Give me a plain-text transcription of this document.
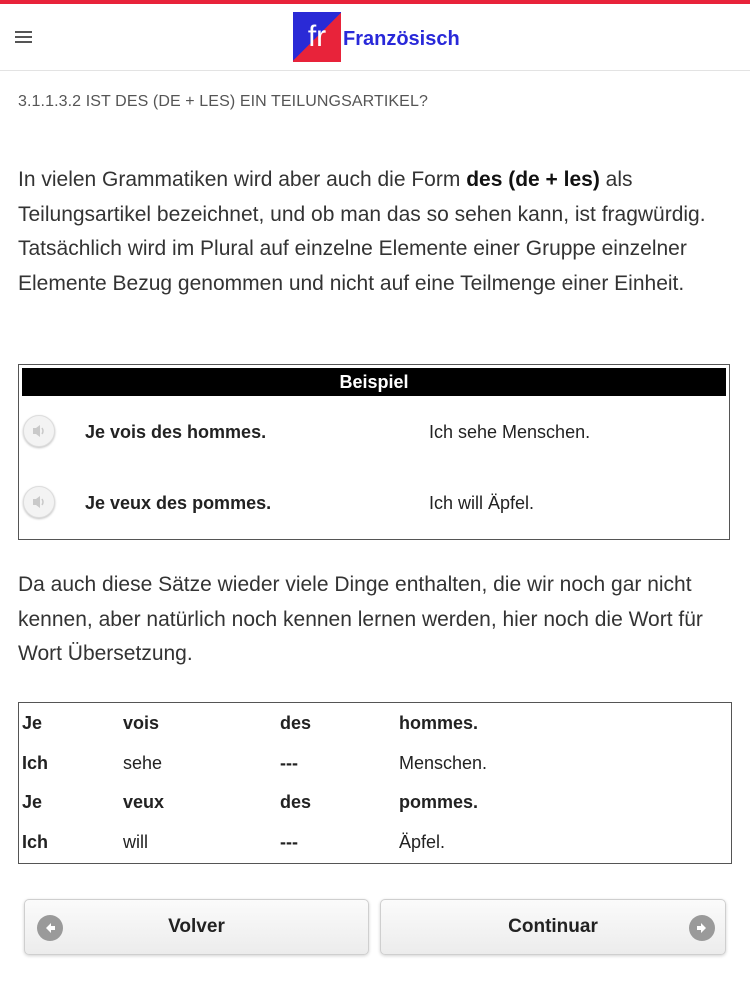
fr Französisch
3.1.1.3.2 IST DES (DE + LES) EIN TEILUNGSARTIKEL?
In vielen Grammatiken wird aber auch die Form des (de + les) als Teilungsartikel bezeichnet, und ob man das so sehen kann, ist fragwürdig. Tatsächlich wird im Plural auf einzelne Elemente einer Gruppe einzelner Elemente Bezug genommen und nicht auf eine Teilmenge einer Einheit.
Beispiel
Je vois des hommes.	Ich sehe Menschen.
Je veux des pommes.	Ich will Äpfel.
Da auch diese Sätze wieder viele Dinge enthalten, die wir noch gar nicht kennen, aber natürlich noch kennen lernen werden, hier noch die Wort für Wort Übersetzung.
Je	vois	des	hommes.
Ich	sehe	---	Menschen.
Je	veux	des	pommes.
Ich	will	---	Äpfel.
Volver	Continuar
